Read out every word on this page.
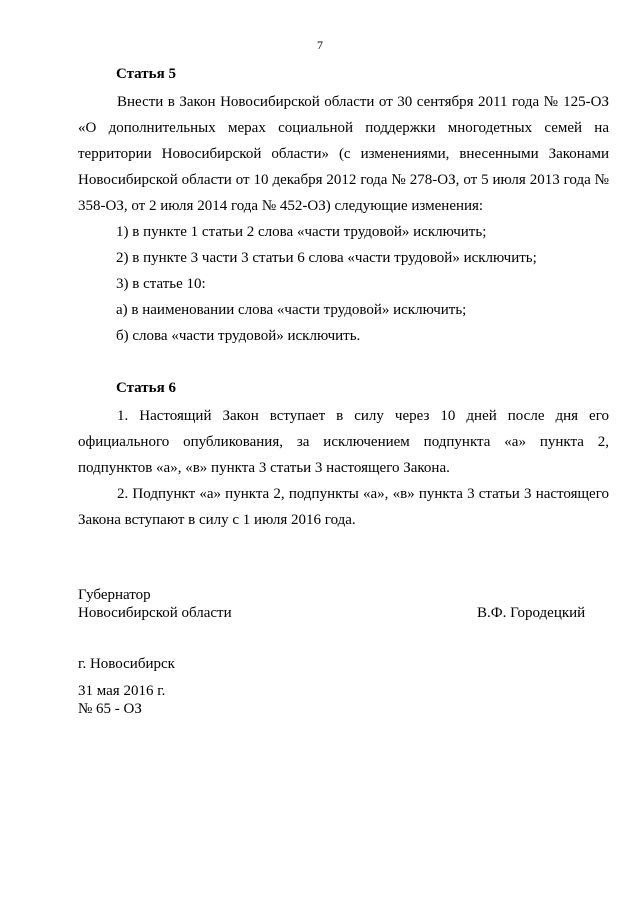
7
Статья 5
Внести в Закон Новосибирской области от 30 сентября 2011 года № 125-ОЗ «О дополнительных мерах социальной поддержки многодетных семей на территории Новосибирской области» (с изменениями, внесенными Законами Новосибирской области от 10 декабря 2012 года № 278-ОЗ, от 5 июля 2013 года № 358-ОЗ, от 2 июля 2014 года № 452-ОЗ) следующие изменения:
1) в пункте 1 статьи 2 слова «части трудовой» исключить;
2) в пункте 3 части 3 статьи 6 слова «части трудовой» исключить;
3) в статье 10:
а) в наименовании слова «части трудовой» исключить;
б) слова «части трудовой» исключить.
Статья 6
1. Настоящий Закон вступает в силу через 10 дней после дня его официального опубликования, за исключением подпункта «а» пункта 2, подпунктов «а», «в» пункта 3 статьи 3 настоящего Закона.
2. Подпункт «а» пункта 2, подпункты «а», «в» пункта 3 статьи 3 настоящего Закона вступают в силу с 1 июля 2016 года.
Губернатор
Новосибирской области	В.Ф. Городецкий
г. Новосибирск
31 мая 2016 г.
№ 65 - ОЗ
